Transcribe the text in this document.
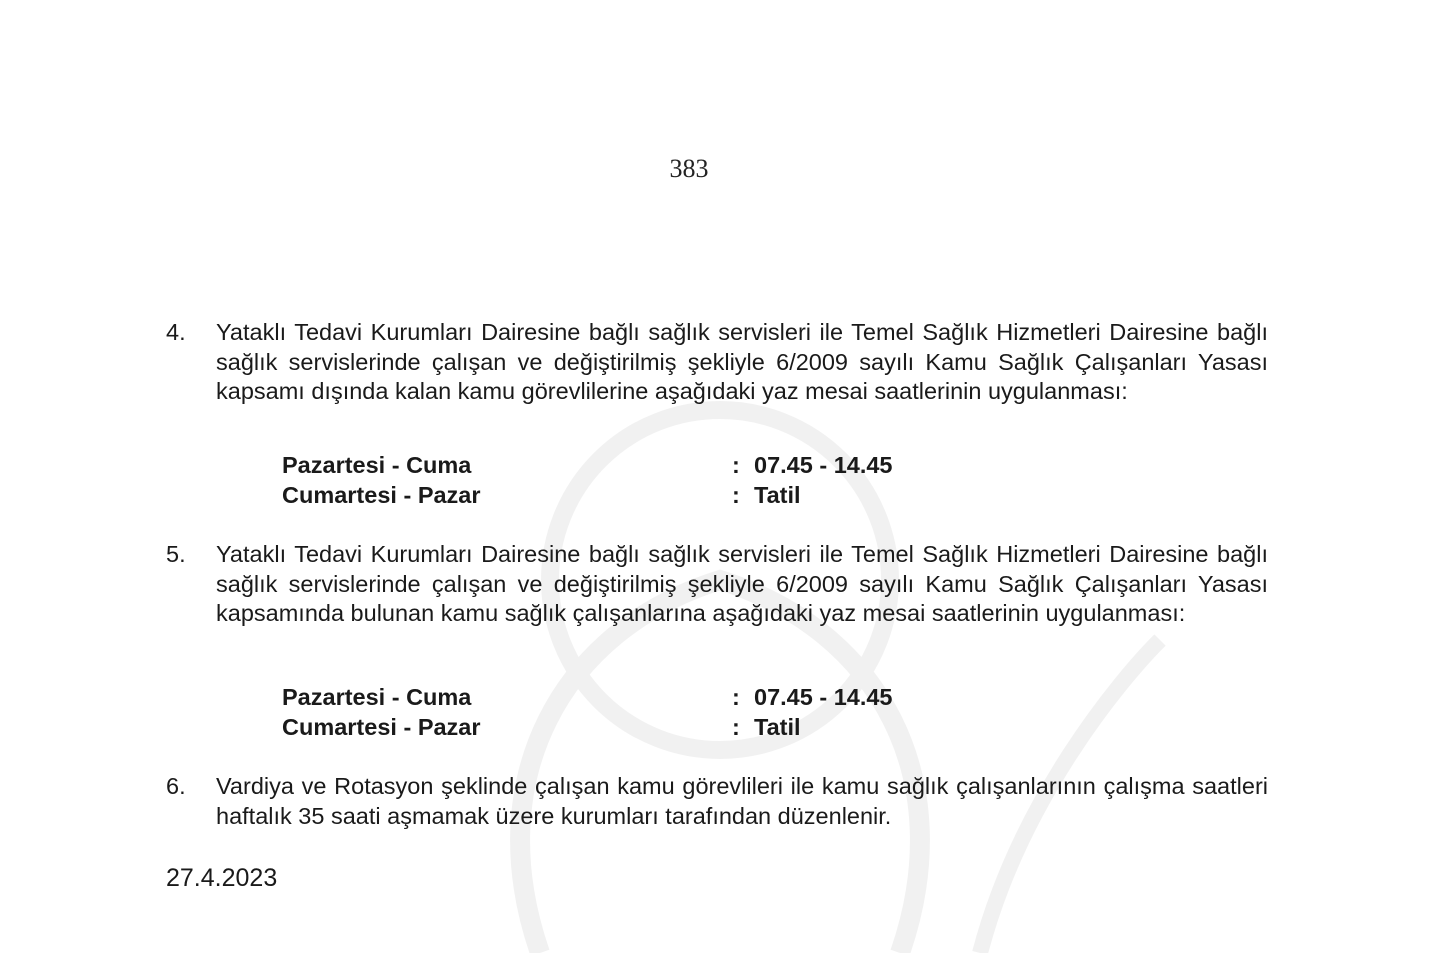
383
4.	Yataklı Tedavi Kurumları Dairesine bağlı sağlık servisleri ile Temel Sağlık Hizmetleri Dairesine bağlı sağlık servislerinde çalışan ve değiştirilmiş şekliyle 6/2009 sayılı Kamu Sağlık Çalışanları Yasası kapsamı dışında kalan kamu görevlilerine aşağıdaki yaz mesai saatlerinin uygulanması:
Pazartesi - Cuma	: 07.45 - 14.45
Cumartesi - Pazar	: Tatil
5.	Yataklı Tedavi Kurumları Dairesine bağlı sağlık servisleri ile Temel Sağlık Hizmetleri Dairesine bağlı sağlık servislerinde çalışan ve değiştirilmiş şekliyle 6/2009 sayılı Kamu Sağlık Çalışanları Yasası kapsamında bulunan kamu sağlık çalışanlarına aşağıdaki yaz mesai saatlerinin uygulanması:
Pazartesi - Cuma	: 07.45 - 14.45
Cumartesi - Pazar	: Tatil
6.	Vardiya ve Rotasyon şeklinde çalışan kamu görevlileri ile kamu sağlık çalışanlarının çalışma saatleri haftalık 35 saati aşmamak üzere kurumları tarafından düzenlenir.
27.4.2023
